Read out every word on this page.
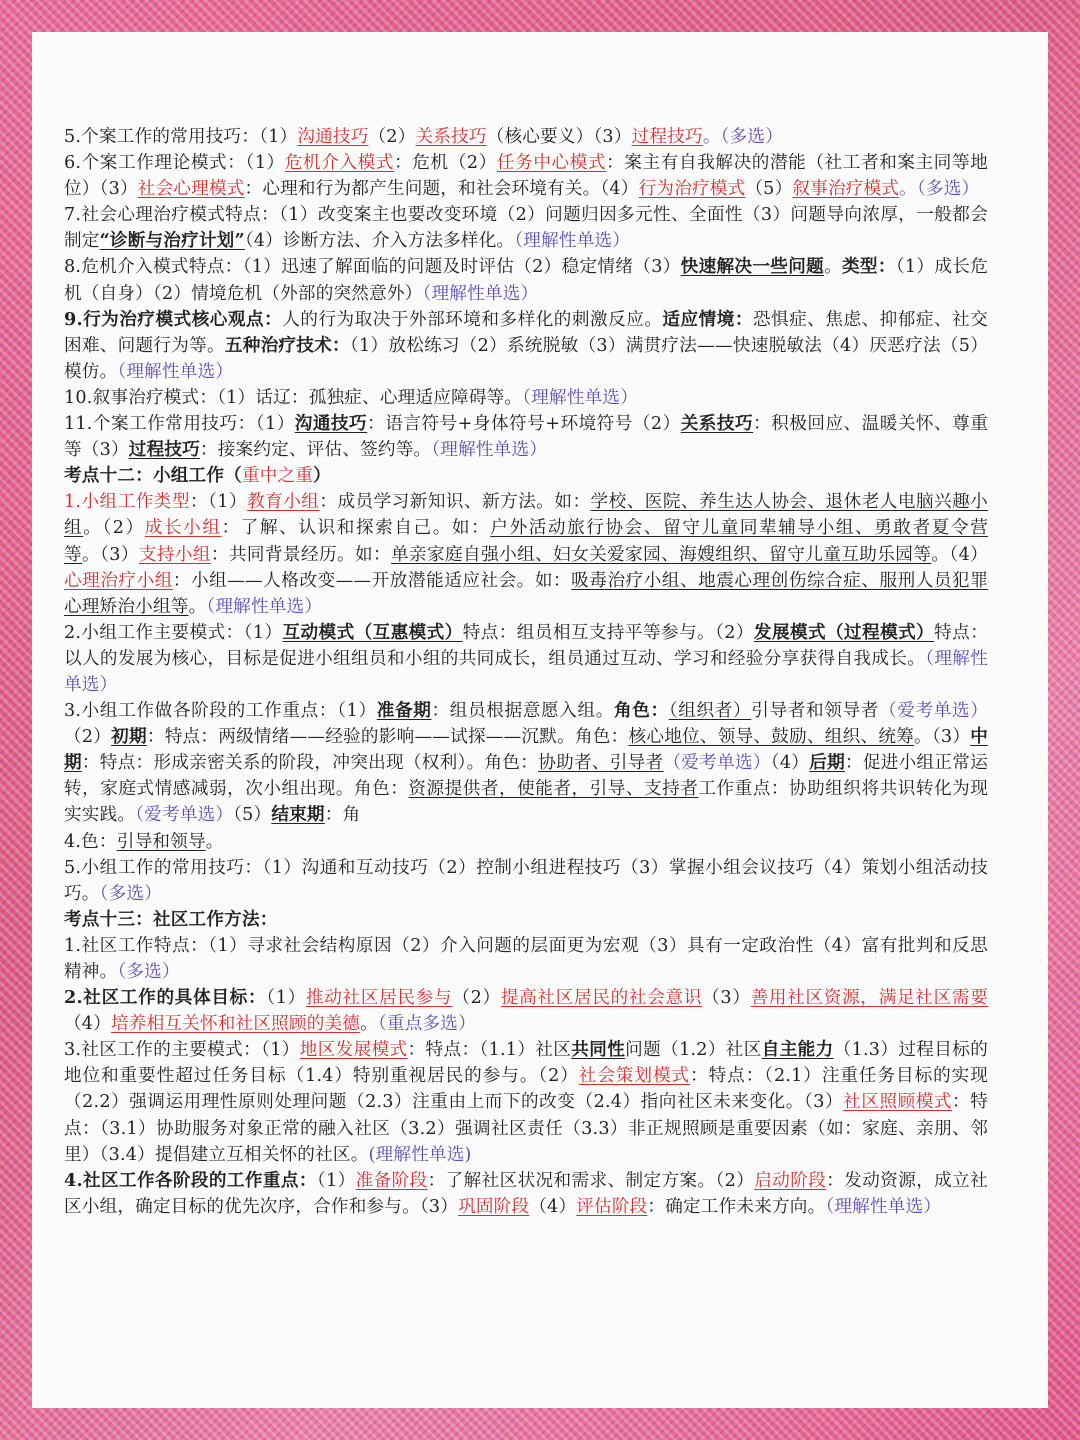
5.个案工作的常用技巧：（1）沟通技巧（2）关系技巧（核心要义）（3）过程技巧。（多选）
6.个案工作理论模式：（1）危机介入模式：危机（2）任务中心模式：案主有自我解决的潜能（社工者和案主同等地位）（3）社会心理模式：心理和行为都产生问题，和社会环境有关。（4）行为治疗模式（5）叙事治疗模式。（多选）
7.社会心理治疗模式特点：（1）改变案主也要改变环境（2）问题归因多元性、全面性（3）问题导向浓厚，一般都会制定“诊断与治疗计划”（4）诊断方法、介入方法多样化。（理解性单选）
8.危机介入模式特点：（1）迅速了解面临的问题及时评估（2）稳定情绪（3）快速解决一些问题。类型：（1）成长危机（自身）（2）情境危机（外部的突然意外）（理解性单选）
9.行为治疗模式核心观点：人的行为取决于外部环境和多样化的刺激反应。适应情境：恐惧症、焦虑、抑郁症、社交困难、问题行为等。五种治疗技术：（1）放松练习（2）系统脱敏（3）满贯疗法——快速脱敏法（4）厌恶疗法（5）模仿。（理解性单选）
10.叙事治疗模式：（1）话辽：孤独症、心理适应障碍等。（理解性单选）
11.个案工作常用技巧：（1）沟通技巧：语言符号+身体符号+环境符号（2）关系技巧：积极回应、温暖关怀、尊重等（3）过程技巧：接案约定、评估、签约等。（理解性单选）
考点十二：小组工作（重中之重）
1.小组工作类型：（1）教育小组：成员学习新知识、新方法。如：学校、医院、养生达人协会、退休老人电脑兴趣小组。（2）成长小组：了解、认识和探索自己。如：户外活动旅行协会、留守儿童同辈辅导小组、勇敢者夏令营等。（3）支持小组：共同背景经历。如：单亲家庭自强小组、妇女关爱家园、海嫂组织、留守儿童互助乐园等。（4）心理治疗小组：小组——人格改变——开放潜能适应社会。如：吸毒治疗小组、地震心理创伤综合症、服刑人员犯罪心理矫治小组等。（理解性单选）
2.小组工作主要模式：（1）互动模式（互惠模式）特点：组员相互支持平等参与。（2）发展模式（过程模式）特点：以人的发展为核心，目标是促进小组组员和小组的共同成长，组员通过互动、学习和经验分享获得自我成长。（理解性单选）
3.小组工作做各阶段的工作重点：（1）准备期：组员根据意愿入组。角色：（组织者）引导者和领导者（爱考单选）（2）初期：特点：两级情绪——经验的影响——试探——沉默。角色：核心地位、领导、鼓励、组织、统筹。（3）中期：特点：形成亲密关系的阶段，冲突出现（权利）。角色：协助者、引导者（爱考单选）（4）后期：促进小组正常运转，家庭式情感减弱，次小组出现。角色：资源提供者，使能者，引导、支持者工作重点：协助组织将共识转化为现实实践。（爱考单选）（5）结束期：角
4.色：引导和领导。
5.小组工作的常用技巧：（1）沟通和互动技巧（2）控制小组进程技巧（3）掌握小组会议技巧（4）策划小组活动技巧。（多选）
考点十三：社区工作方法：
1.社区工作特点：（1）寻求社会结构原因（2）介入问题的层面更为宏观（3）具有一定政治性（4）富有批判和反思精神。（多选）
2.社区工作的具体目标：（1）推动社区居民参与（2）提高社区居民的社会意识（3）善用社区资源，满足社区需要（4）培养相互关怀和社区照顾的美德。（重点多选）
3.社区工作的主要模式：（1）地区发展模式：特点：（1.1）社区共同性问题（1.2）社区自主能力（1.3）过程目标的地位和重要性超过任务目标（1.4）特别重视居民的参与。（2）社会策划模式：特点：（2.1）注重任务目标的实现（2.2）强调运用理性原则处理问题（2.3）注重由上而下的改变（2.4）指向社区未来变化。（3）社区照顾模式：特点：（3.1）协助服务对象正常的融入社区（3.2）强调社区责任（3.3）非正规照顾是重要因素（如：家庭、亲朋、邻里）（3.4）提倡建立互相关怀的社区。(理解性单选)
4.社区工作各阶段的工作重点：（1）准备阶段：了解社区状况和需求、制定方案。（2）启动阶段：发动资源，成立社区小组，确定目标的优先次序，合作和参与。（3）巩固阶段（4）评估阶段：确定工作未来方向。（理解性单选）
